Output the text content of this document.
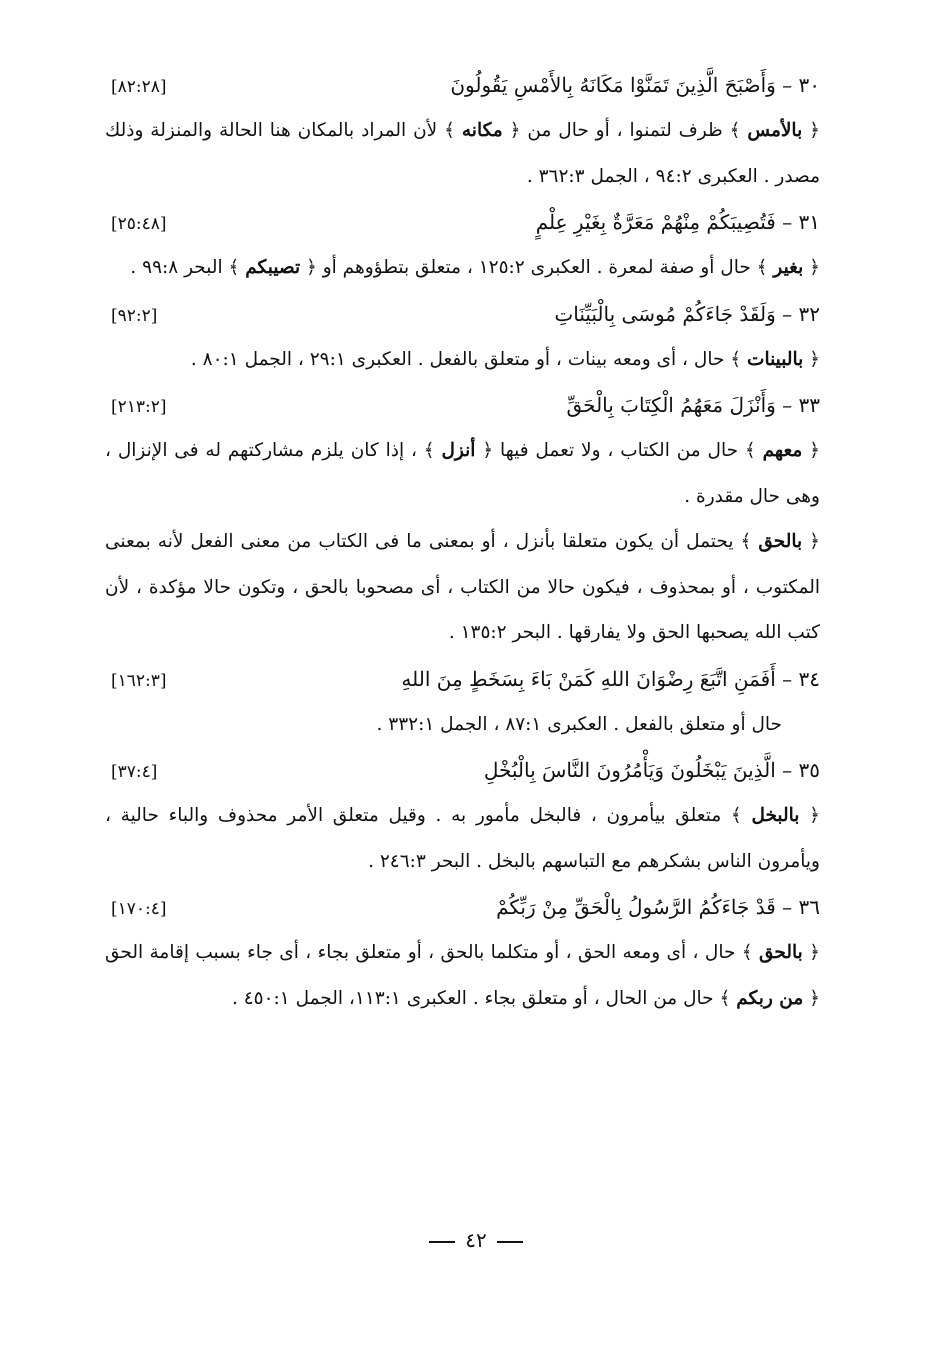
٣٠ – وَأَصْبَحَ الَّذِينَ تَمَنَّوْا مَكَانَهُ بِالأَمْسِ يَقُولُونَ
[٨٢:٢٨]

﴿ بالأمس ﴾ ظرف لتمنوا ، أو حال من ﴿ مكانه ﴾ لأن المراد بالمكان هنا الحالة والمنزلة وذلك مصدر . العكبرى ٩٤:٢ ، الجمل ٣٦٢:٣ .

٣١ – فَتُصِيبَكُمْ مِنْهُمْ مَعَرَّةٌ بِغَيْرِ عِلْمٍ
[٢٥:٤٨]

﴿ بغير ﴾ حال أو صفة لمعرة . العكبرى ١٢٥:٢ ، متعلق بتطؤوهم أو ﴿ تصيبكم ﴾ البحر ٩٩:٨ .

٣٢ – وَلَقَدْ جَاءَكُمْ مُوسَى بِالْبَيِّنَاتِ
[٩٢:٢]

﴿ بالبينات ﴾ حال ، أى ومعه بينات ، أو متعلق بالفعل . العكبرى ٢٩:١ ، الجمل ٨٠:١ .

٣٣ – وَأَنْزَلَ مَعَهُمُ الْكِتَابَ بِالْحَقِّ
[٢١٣:٢]

﴿ معهم ﴾ حال من الكتاب ، ولا تعمل فيها ﴿ أنزل ﴾ ، إذا كان يلزم مشاركتهم له فى الإنزال ، وهى حال مقدرة .

﴿ بالحق ﴾ يحتمل أن يكون متعلقا بأنزل ، أو بمعنى ما فى الكتاب من معنى الفعل لأنه بمعنى المكتوب ، أو بمحذوف ، فيكون حالا من الكتاب ، أى مصحوبا بالحق ، وتكون حالا مؤكدة ، لأن كتب الله يصحبها الحق ولا يفارقها . البحر ١٣٥:٢ .

٣٤ – أَفَمَنِ اتَّبَعَ رِضْوَانَ اللهِ كَمَنْ بَاءَ بِسَخَطٍ مِنَ اللهِ
[١٦٢:٣]

حال أو متعلق بالفعل . العكبرى ٨٧:١ ، الجمل ٣٣٢:١ .

٣٥ – الَّذِينَ يَبْخَلُونَ وَيَأْمُرُونَ النَّاسَ بِالْبُخْلِ
[٣٧:٤]

﴿ بالبخل ﴾ متعلق بيأمرون ، فالبخل مأمور به . وقيل متعلق الأمر محذوف والباء حالية ، ويأمرون الناس بشكرهم مع التباسهم بالبخل . البحر ٢٤٦:٣ .

٣٦ – قَدْ جَاءَكُمُ الرَّسُولُ بِالْحَقِّ مِنْ رَبِّكُمْ
[١٧٠:٤]

﴿ بالحق ﴾ حال ، أى ومعه الحق ، أو متكلما بالحق ، أو متعلق بجاء ، أى جاء بسبب إقامة الحق ﴿ من ربكم ﴾ حال من الحال ، أو متعلق بجاء . العكبرى ١١٣:١، الجمل ٤٥٠:١ .

٤٢
